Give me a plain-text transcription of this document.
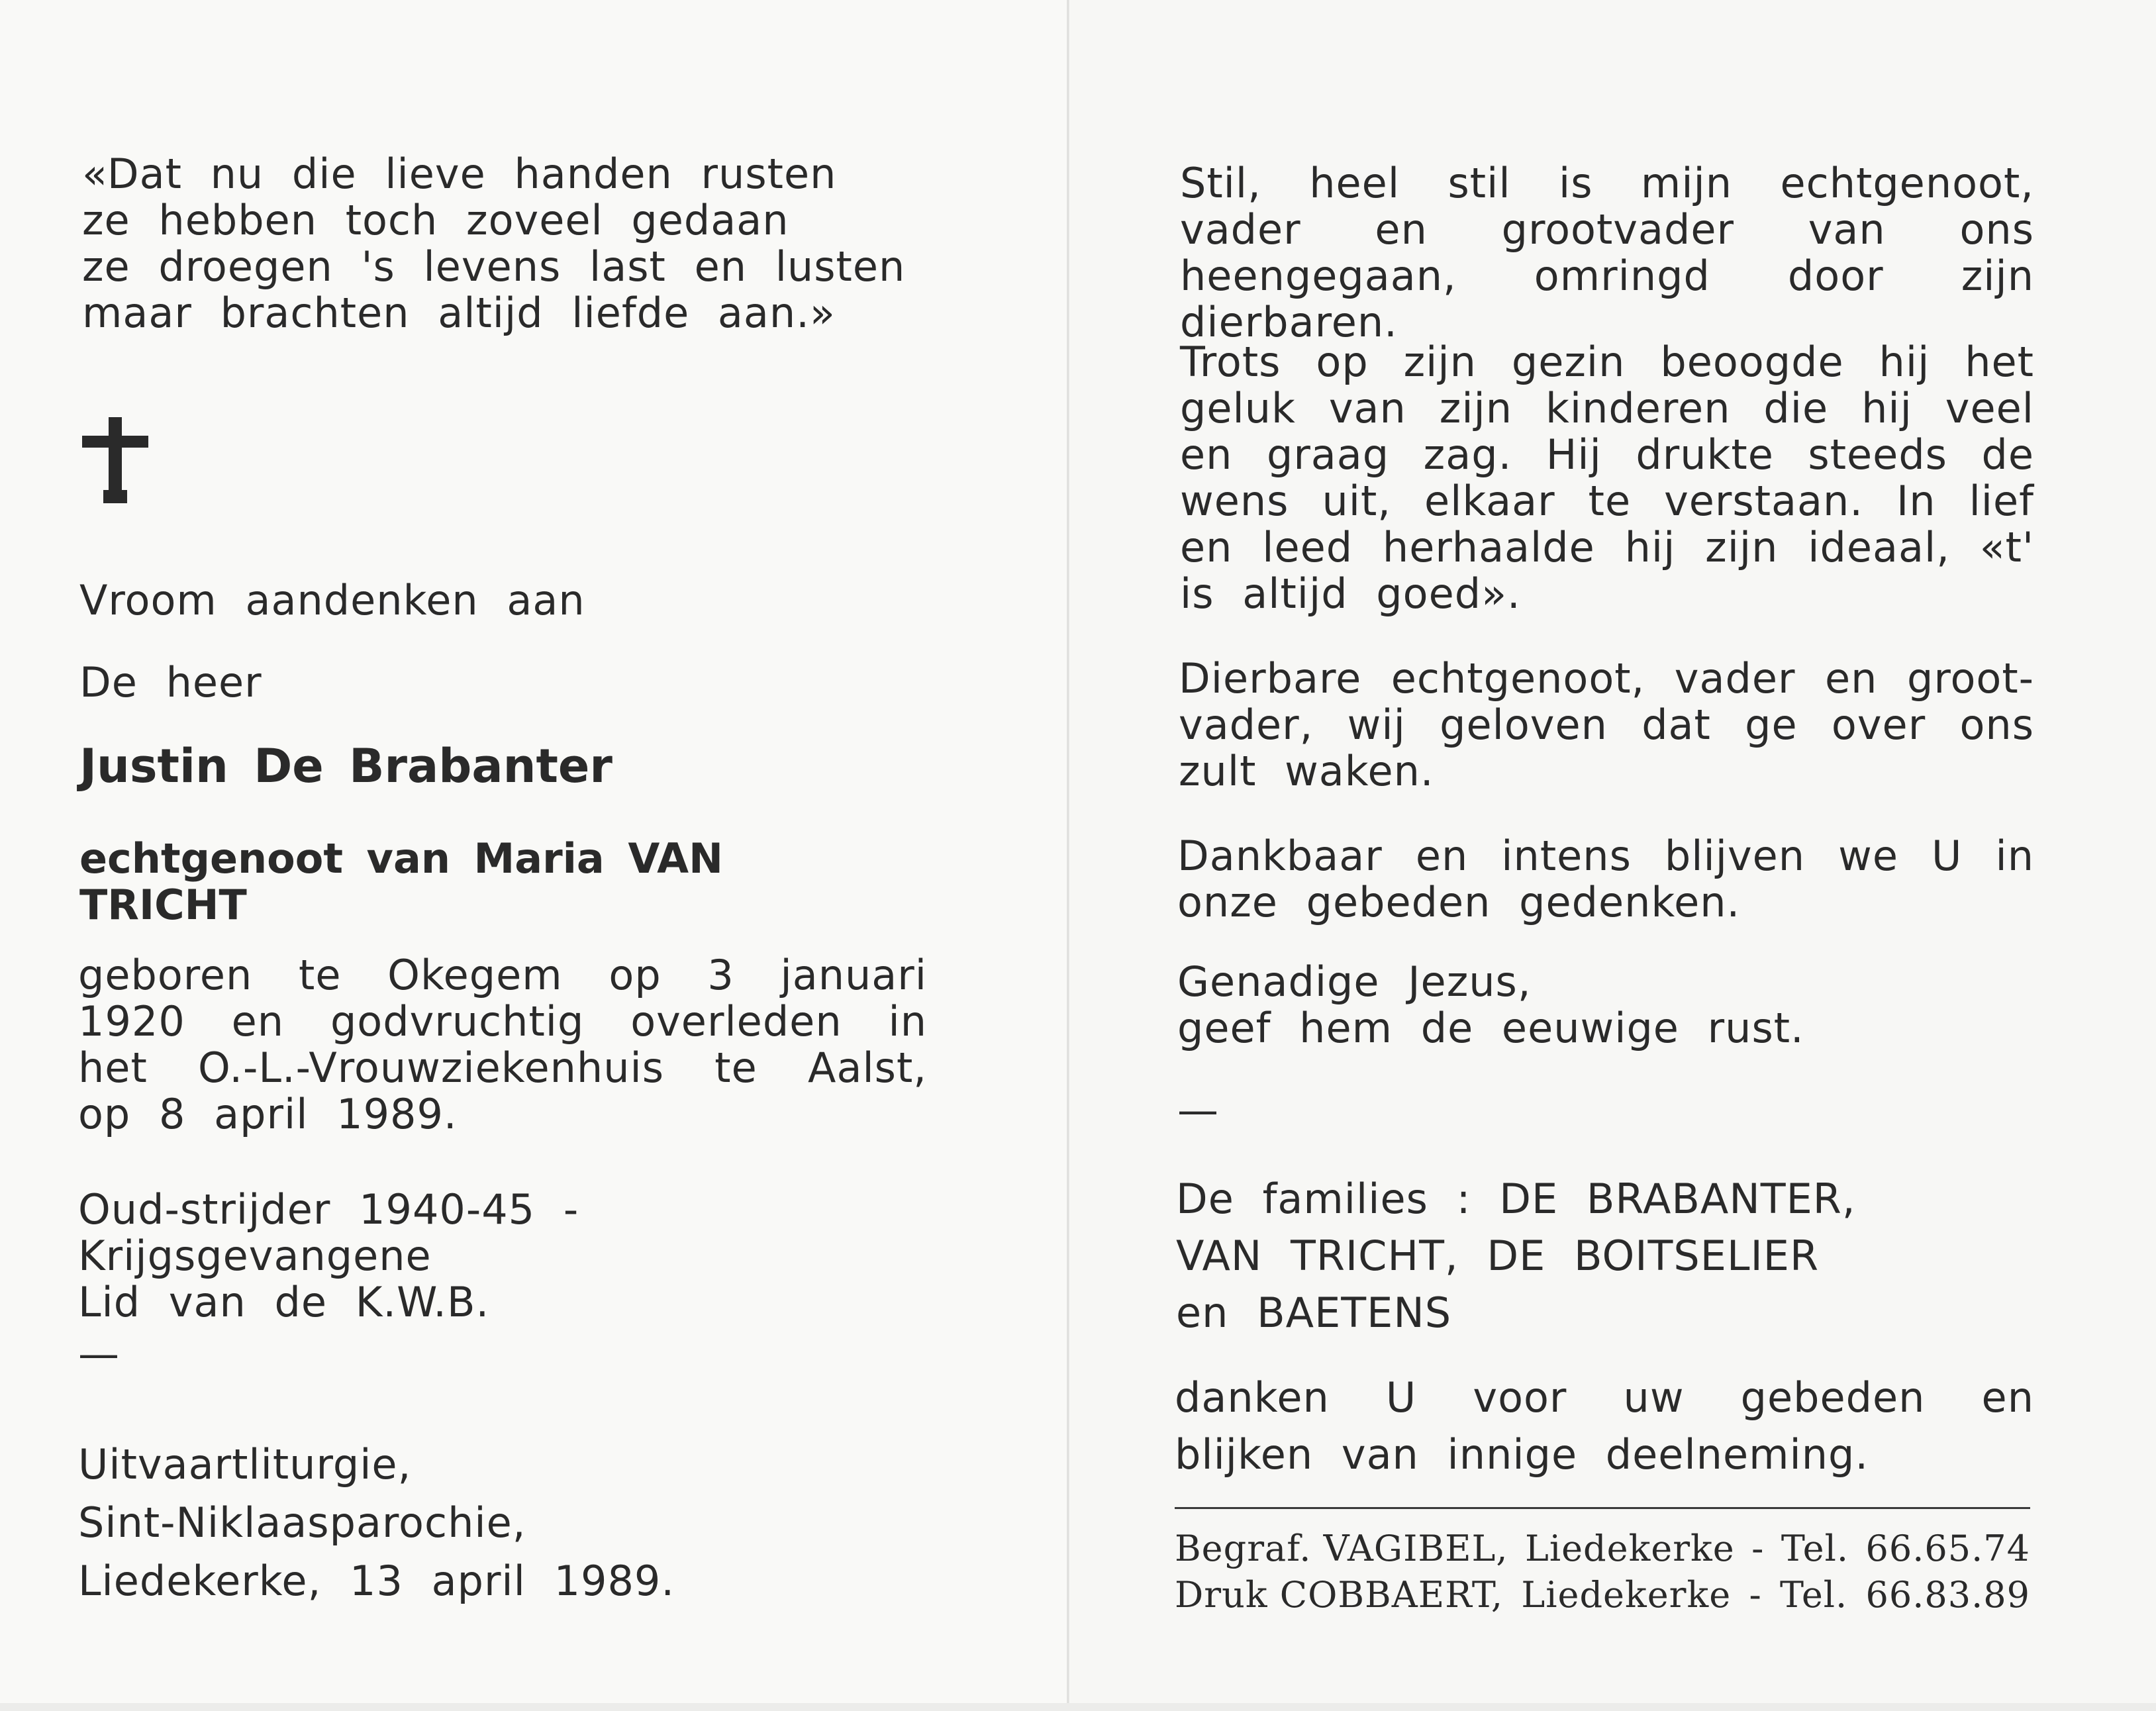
«Dat nu die lieve handen rusten
ze hebben toch zoveel gedaan
ze droegen 's levens last en lusten
maar brachten altijd liefde aan.»

Vroom aandenken aan

De heer

Justin De Brabanter

echtgenoot van Maria VAN TRICHT

geboren te Okegem op 3 januari 1920 en godvruchtig overleden in het O.-L.-Vrouwziekenhuis te Aalst, op 8 april 1989.

Oud-strijder 1940-45 - Krijgsgevangene
Lid van de K.W.B.

—

Uitvaartliturgie,
Sint-Niklaasparochie,
Liedekerke, 13 april 1989.

Stil, heel stil is mijn echtgenoot, vader en grootvader van ons heengegaan, omringd door zijn dierbaren.

Trots op zijn gezin beoogde hij het geluk van zijn kinderen die hij veel en graag zag. Hij drukte steeds de wens uit, elkaar te verstaan. In lief en leed herhaalde hij zijn ideaal, «t' is altijd goed».

Dierbare echtgenoot, vader en groot-vader, wij geloven dat ge over ons zult waken.

Dankbaar en intens blijven we U in onze gebeden gedenken.

Genadige Jezus,
geef hem de eeuwige rust.

—

De families : DE BRABANTER,
VAN TRICHT, DE BOITSELIER
en BAETENS

danken U voor uw gebeden en blijken van innige deelneming.

Begraf. VAGIBEL, Liedekerke - Tel. 66.65.74
Druk COBBAERT, Liedekerke - Tel. 66.83.89
